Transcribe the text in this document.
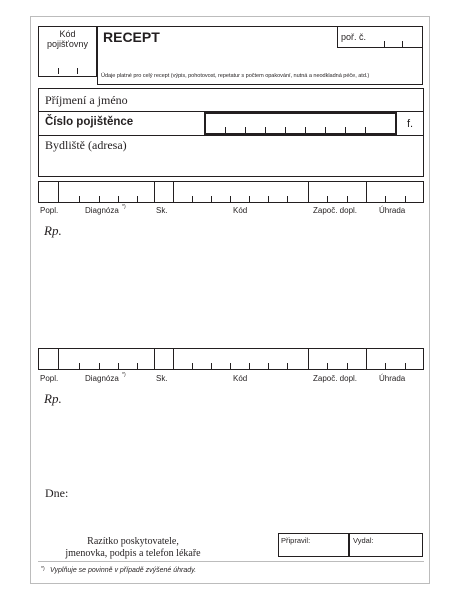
Kód pojišťovny	RECEPT	poř. č.
Údaje platné pro celý recept (výpis, pohotovost, repetatur s počtem opakování, nutná a neodkladná péče, atd.)
Příjmení a jméno
Číslo pojištěnce	f.
Bydliště (adresa)
Popl.	Diagnóza *)	Sk.	Kód	Započ. dopl.	Úhrada
Rp.
Popl.	Diagnóza *)	Sk.	Kód	Započ. dopl.	Úhrada
Rp.
Dne:
Razítko poskytovatele,
jmenovka, podpis a telefon lékaře
Připravil:	Vydal:
*) Vyplňuje se povinně v případě zvýšené úhrady.
